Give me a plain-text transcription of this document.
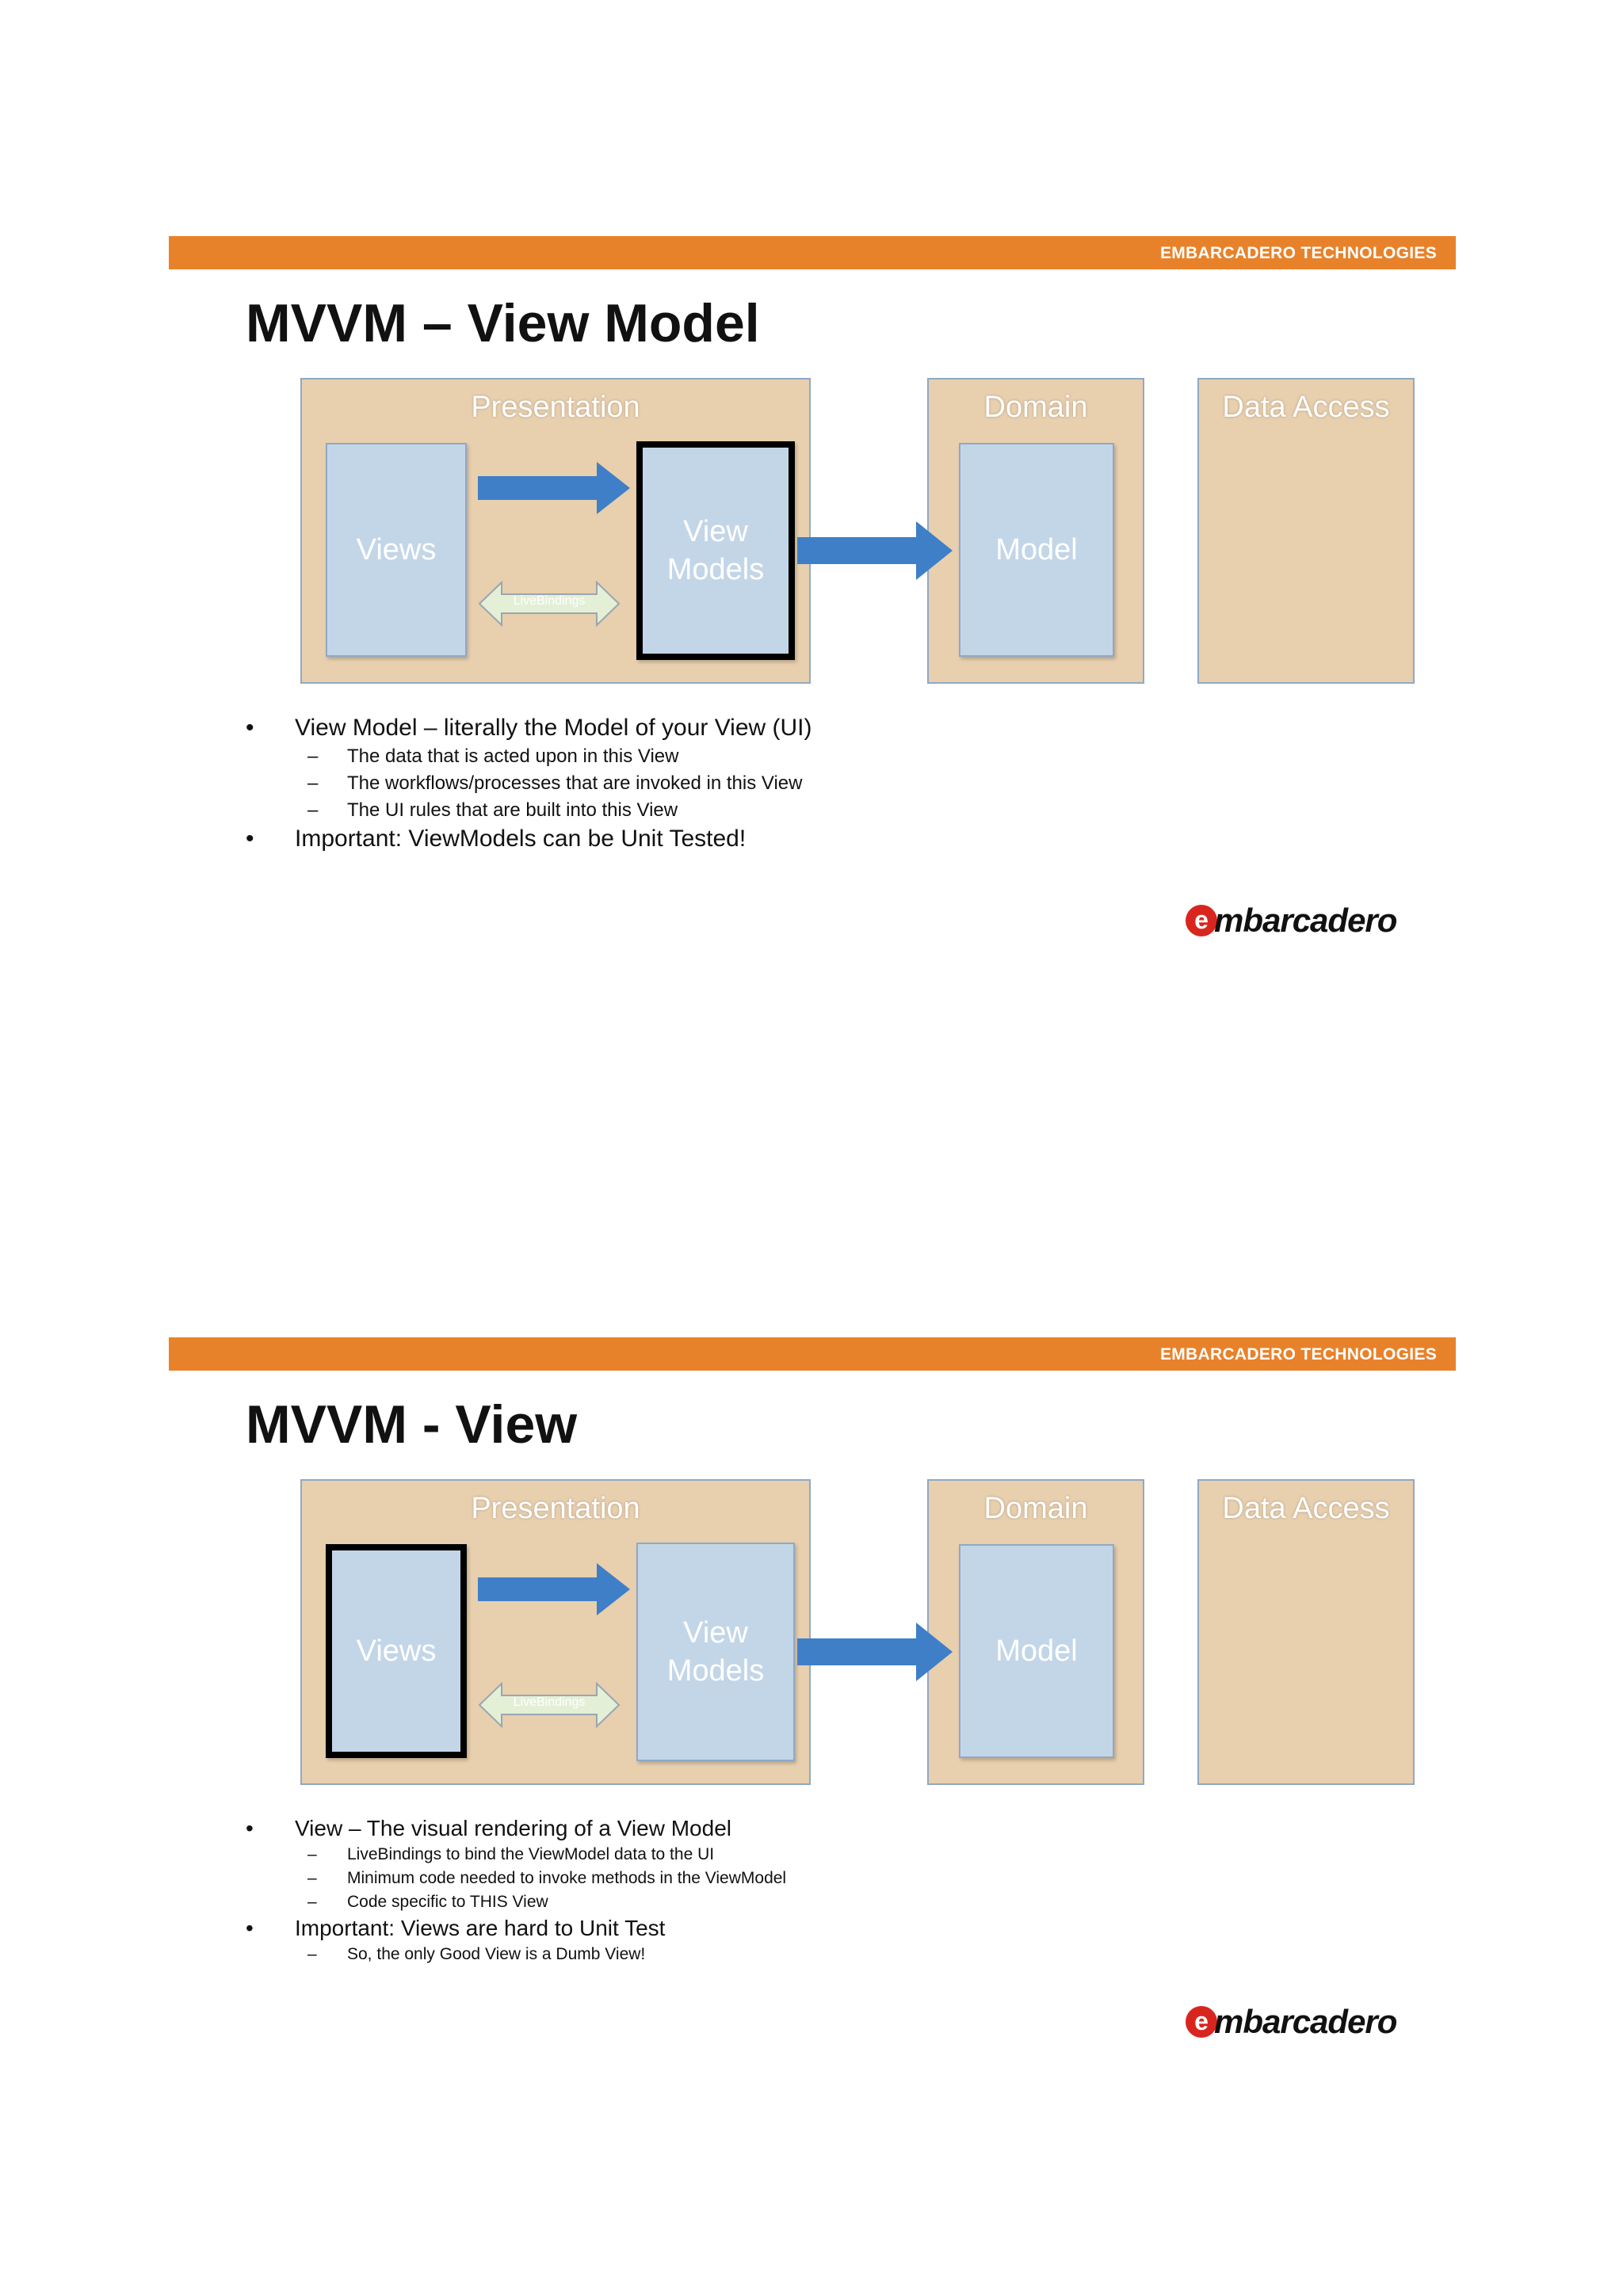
EMBARCADERO TECHNOLOGIES
MVVM – View Model
Presentation	Domain	Data Access
Views
View
Models
Model
LiveBindings
• View Model – literally the Model of your View (UI)
– The data that is acted upon in this View
– The workflows/processes that are invoked in this View
– The UI rules that are built into this View
• Important: ViewModels can be Unit Tested!
e mbarcadero
EMBARCADERO TECHNOLOGIES
MVVM - View
Presentation	Domain	Data Access
Views
View
Models
Model
LiveBindings
• View – The visual rendering of a View Model
– LiveBindings to bind the ViewModel data to the UI
– Minimum code needed to invoke methods in the ViewModel
– Code specific to THIS View
• Important: Views are hard to Unit Test
– So, the only Good View is a Dumb View!
e mbarcadero
